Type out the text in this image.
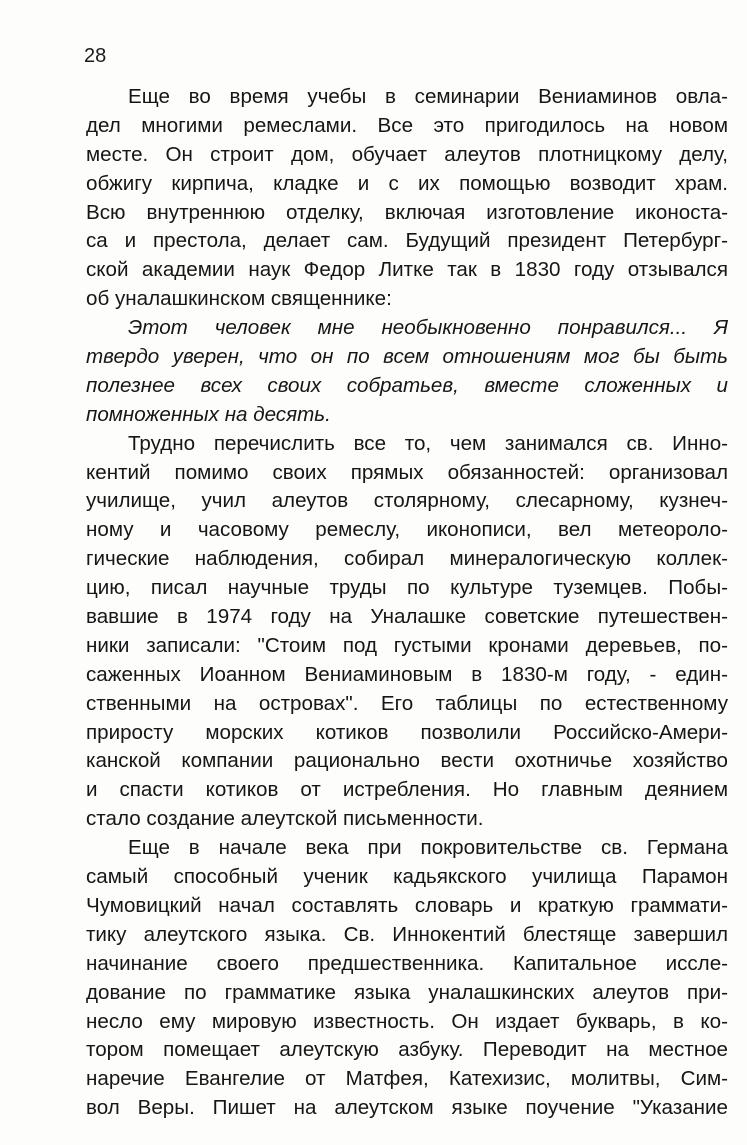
28
Еще во время учебы в семинарии Вениаминов овла-
дел многими ремеслами. Все это пригодилось на новом
месте. Он строит дом, обучает алеутов плотницкому делу,
обжигу кирпича, кладке и с их помощью возводит храм.
Всю внутреннюю отделку, включая изготовление иконоста-
са и престола, делает сам. Будущий президент Петербург-
ской академии наук Федор Литке так в 1830 году отзывался
об уналашкинском священнике:
Этот человек мне необыкновенно понравился... Я
твердо уверен, что он по всем отношениям мог бы быть
полезнее всех своих собратьев, вместе сложенных и
помноженных на десять.
Трудно перечислить все то, чем занимался св. Инно-
кентий помимо своих прямых обязанностей: организовал
училище, учил алеутов столярному, слесарному, кузнеч-
ному и часовому ремеслу, иконописи, вел метеороло-
гические наблюдения, собирал минералогическую коллек-
цию, писал научные труды по культуре туземцев. Побы-
вавшие в 1974 году на Уналашке советские путешествен-
ники записали: "Стоим под густыми кронами деревьев, по-
саженных Иоанном Вениаминовым в 1830-м году, - един-
ственными на островах". Его таблицы по естественному
приросту морских котиков позволили Российско-Амери-
канской компании рационально вести охотничье хозяйство
и спасти котиков от истребления. Но главным деянием
стало создание алеутской письменности.
Еще в начале века при покровительстве св. Германа
самый способный ученик кадьякского училища Парамон
Чумовицкий начал составлять словарь и краткую граммати-
тику алеутского языка. Св. Иннокентий блестяще завершил
начинание своего предшественника. Капитальное иссле-
дование по грамматике языка уналашкинских алеутов при-
несло ему мировую известность. Он издает букварь, в ко-
тором помещает алеутскую азбуку. Переводит на местное
наречие Евангелие от Матфея, Катехизис, молитвы, Сим-
вол Веры. Пишет на алеутском языке поучение "Указание
